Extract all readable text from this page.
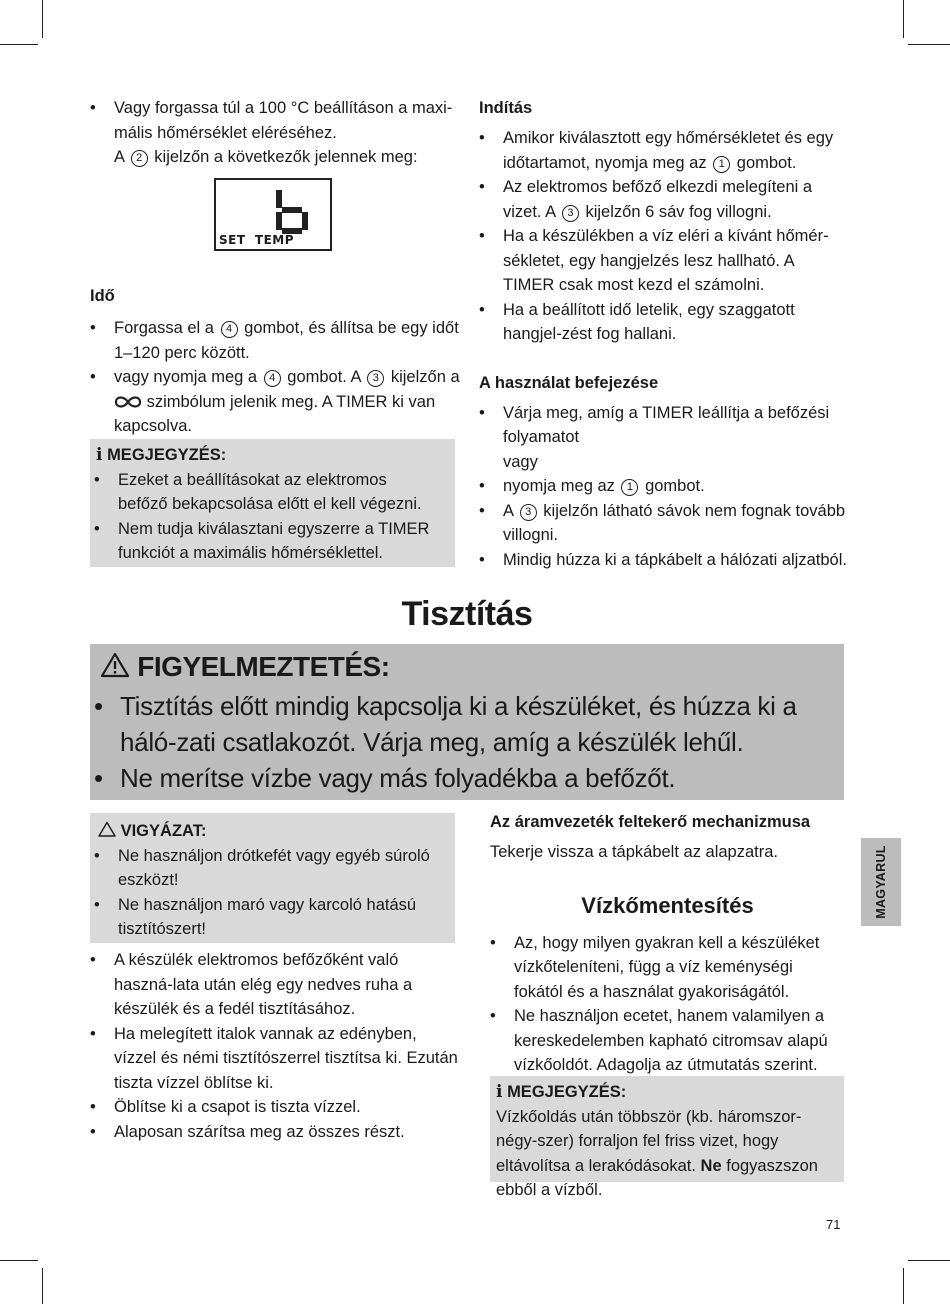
• Vagy forgassa túl a 100 °C beállításon a maxi-mális hőmérséklet eléréséhez.
A 2 kijelzőn a következők jelennek meg:
SET  TEMP
Idő
• Forgassa el a 4 gombot, és állítsa be egy időt 1–120 perc között.
• vagy nyomja meg a 4 gombot. A 3 kijelzőn a  szimbólum jelenik meg. A TIMER ki van kapcsolva.
i MEGJEGYZÉS:
• Ezeket a beállításokat az elektromos befőző bekapcsolása előtt el kell végezni.
• Nem tudja kiválasztani egyszerre a TIMER funkciót a maximális hőmérséklettel.
Indítás
• Amikor kiválasztott egy hőmérsékletet és egy időtartamot, nyomja meg az 1 gombot.
• Az elektromos befőző elkezdi melegíteni a vizet. A 3 kijelzőn 6 sáv fog villogni.
• Ha a készülékben a víz eléri a kívánt hőmér-sékletet, egy hangjelzés lesz hallható. A TIMER csak most kezd el számolni.
• Ha a beállított idő letelik, egy szaggatott hangjel-zést fog hallani.
A használat befejezése
• Várja meg, amíg a TIMER leállítja a befőzési folyamatot
vagy
• nyomja meg az 1 gombot.
• A 3 kijelzőn látható sávok nem fognak tovább villogni.
• Mindig húzza ki a tápkábelt a hálózati aljzatból.
Tisztítás
FIGYELMEZTETÉS:
• Tisztítás előtt mindig kapcsolja ki a készüléket, és húzza ki a háló-zati csatlakozót. Várja meg, amíg a készülék lehűl.
• Ne merítse vízbe vagy más folyadékba a befőzőt.
VIGYÁZAT:
• Ne használjon drótkefét vagy egyéb súroló eszközt!
• Ne használjon maró vagy karcoló hatású tisztítószert!
• A készülék elektromos befőzőként való haszná-lata után elég egy nedves ruha a készülék és a fedél tisztításához.
• Ha melegített italok vannak az edényben, vízzel és némi tisztítószerrel tisztítsa ki. Ezután tiszta vízzel öblítse ki.
• Öblítse ki a csapot is tiszta vízzel.
• Alaposan szárítsa meg az összes részt.
Az áramvezeték feltekerő mechanizmusa
Tekerje vissza a tápkábelt az alapzatra.
Vízkőmentesítés
• Az, hogy milyen gyakran kell a készüléket vízkőteleníteni, függ a víz keménységi fokától és a használat gyakoriságától.
• Ne használjon ecetet, hanem valamilyen a kereskedelemben kapható citromsav alapú vízkőoldót. Adagolja az útmutatás szerint.
i MEGJEGYZÉS:
Vízkőoldás után többször (kb. háromszor-négy-szer) forraljon fel friss vizet, hogy eltávolítsa a lerakódásokat. Ne fogyaszszon ebből a vízből.
MAGYARUL
71
